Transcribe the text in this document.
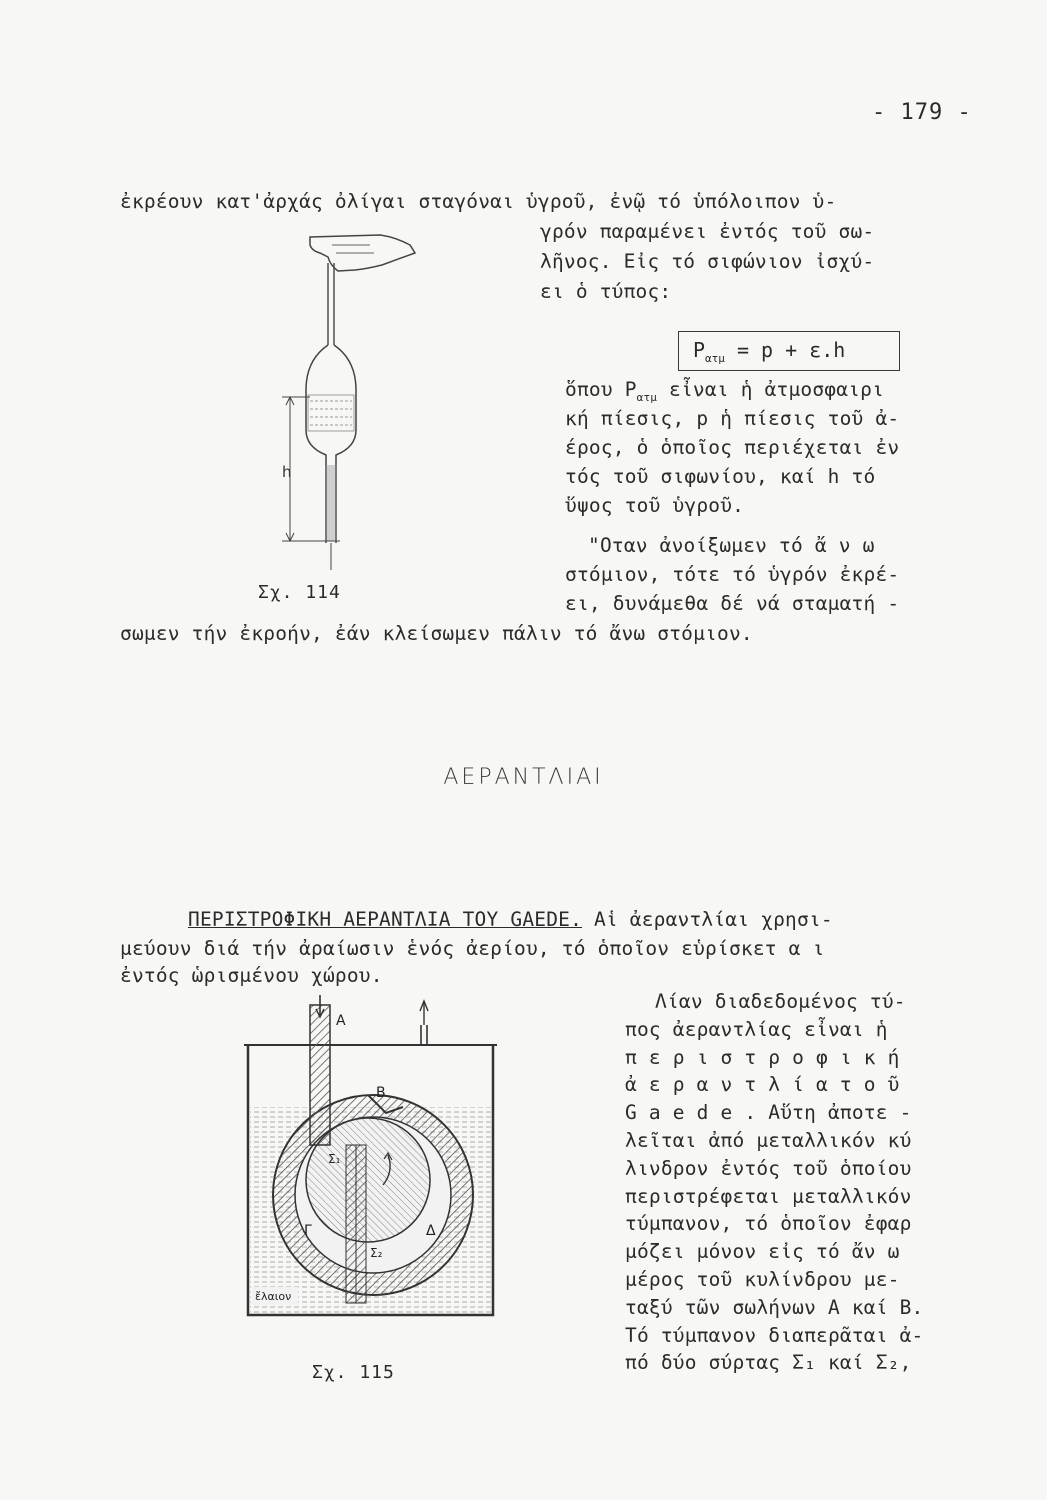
- 179 -
ἐκρέουν κατ'ἀρχάς ὀλίγαι σταγόναι ὑγροῦ, ἐνῷ τό ὑπόλοιπον ὑ-
γρόν παραμένει ἐντός τοῦ σω-
λῆνος. Εἰς τό σιφώνιον ἰσχύ-
ει ὁ τύπος:
$P_{\alpha\tau\mu} = p + \varepsilon.h$
ὅπου $P_{\alpha\tau\mu}$ εἶναι ἡ ἀτμοσφαιρι
κή πίεσις, p ἡ πίεσις τοῦ ἀ-
έρος, ὁ ὁποῖος περιέχεται ἐν
τός τοῦ σιφωνίου, καί h τό
ὕψος τοῦ ὑγροῦ.
"Οταν ἀνοίξωμεν τό ἄ ν ω
στόμιον, τότε τό ὑγρόν ἐκρέ-
ει, δυνάμεθα δέ νά σταματή -
σωμεν τήν ἐκροήν, ἐάν κλείσωμεν πάλιν τό ἄνω στόμιον.
h
Σχ. 114
ΑΕΡΑΝΤΛΙΑΙ
ΠΕΡΙΣΤΡΟΦΙΚΗ ΑΕΡΑΝΤΛΙΑ ΤΟΥ GAEDE. Αἱ ἀεραντλίαι χρησι-
μεύουν διά τήν ἀραίωσιν ἑνός ἀερίου, τό ὁποῖον εὑρίσκετ α ι
ἐντός ὡρισμένου χώρου.
Λίαν διαδεδομένος τύ-
πος ἀεραντλίας εἶναι ἡ
π ε ρ ι σ τ ρ ο φ ι κ ή
ἀ ε ρ α ν τ λ ί α τ ο ῦ
G a e d e . Αὕτη ἀποτε -
λεῖται ἀπό μεταλλικόν κύ
λινδρον ἐντός τοῦ ὁποίου
περιστρέφεται μεταλλικόν
τύμπανον, τό ὁποῖον ἐφαρ
μόζει μόνον εἰς τό ἄν ω
μέρος τοῦ κυλίνδρου με-
ταξύ τῶν σωλήνων A καί B.
Τό τύμπανον διαπερᾶται ἀ-
πό δύο σύρτας Σ₁ καί Σ₂,
A
B
Γ	Δ
Σ₁
Σ₂
ἔλαιον
Σχ. 115
